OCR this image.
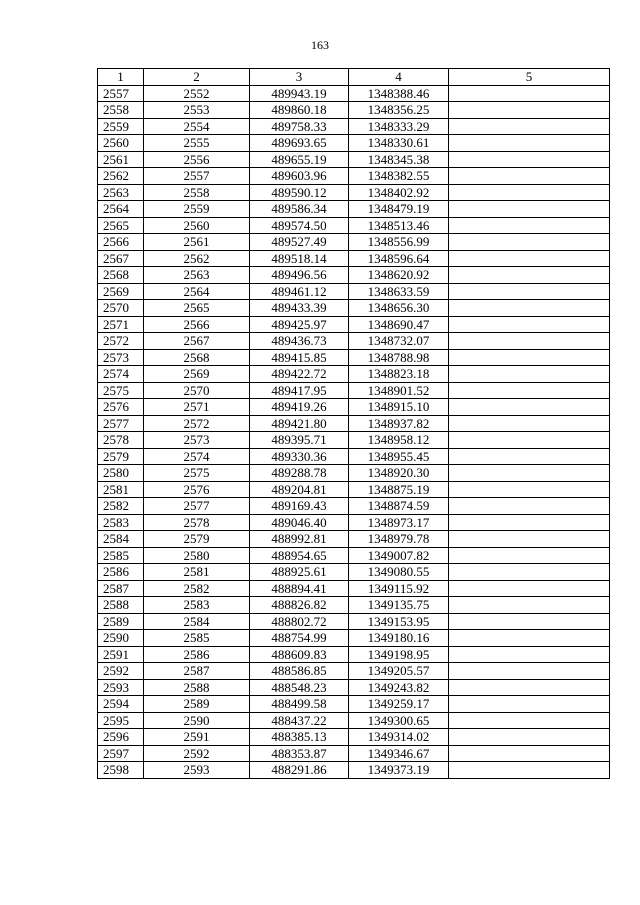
163
1	2	3	4	5
2557	2552	489943.19	1348388.46	
2558	2553	489860.18	1348356.25	
2559	2554	489758.33	1348333.29	
2560	2555	489693.65	1348330.61	
2561	2556	489655.19	1348345.38	
2562	2557	489603.96	1348382.55	
2563	2558	489590.12	1348402.92	
2564	2559	489586.34	1348479.19	
2565	2560	489574.50	1348513.46	
2566	2561	489527.49	1348556.99	
2567	2562	489518.14	1348596.64	
2568	2563	489496.56	1348620.92	
2569	2564	489461.12	1348633.59	
2570	2565	489433.39	1348656.30	
2571	2566	489425.97	1348690.47	
2572	2567	489436.73	1348732.07	
2573	2568	489415.85	1348788.98	
2574	2569	489422.72	1348823.18	
2575	2570	489417.95	1348901.52	
2576	2571	489419.26	1348915.10	
2577	2572	489421.80	1348937.82	
2578	2573	489395.71	1348958.12	
2579	2574	489330.36	1348955.45	
2580	2575	489288.78	1348920.30	
2581	2576	489204.81	1348875.19	
2582	2577	489169.43	1348874.59	
2583	2578	489046.40	1348973.17	
2584	2579	488992.81	1348979.78	
2585	2580	488954.65	1349007.82	
2586	2581	488925.61	1349080.55	
2587	2582	488894.41	1349115.92	
2588	2583	488826.82	1349135.75	
2589	2584	488802.72	1349153.95	
2590	2585	488754.99	1349180.16	
2591	2586	488609.83	1349198.95	
2592	2587	488586.85	1349205.57	
2593	2588	488548.23	1349243.82	
2594	2589	488499.58	1349259.17	
2595	2590	488437.22	1349300.65	
2596	2591	488385.13	1349314.02	
2597	2592	488353.87	1349346.67	
2598	2593	488291.86	1349373.19	
